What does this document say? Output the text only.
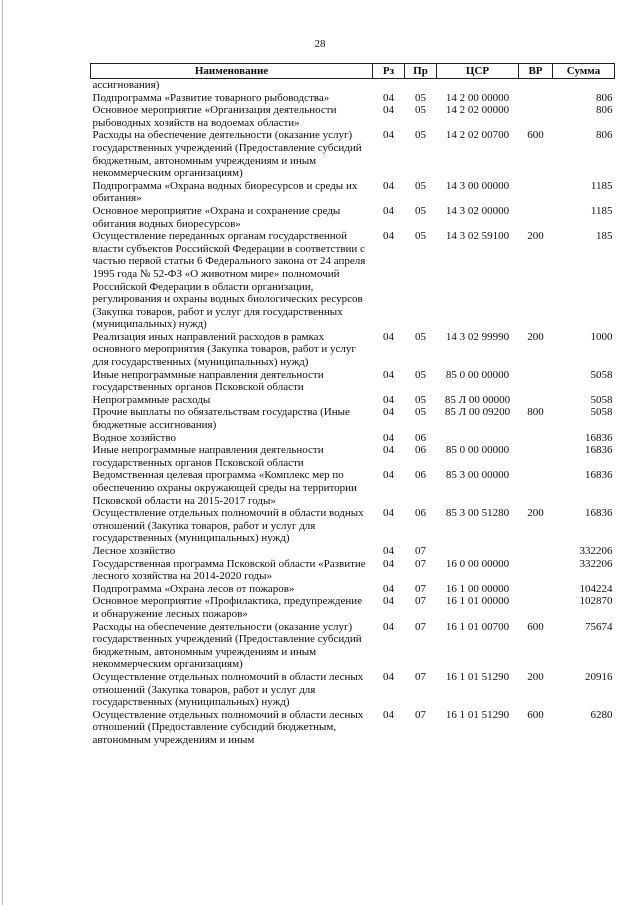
28
Наименование	Рз	Пр	ЦСР	ВР	Сумма
ассигнования)					
Подпрограмма «Развитие товарного рыбоводства»	04	05	14 2 00 00000		806
Основное мероприятие «Организация деятельности рыбоводных хозяйств на водоемах области»	04	05	14 2 02 00000		806
Расходы на обеспечение деятельности (оказание услуг) государственных учреждений (Предоставление субсидий бюджетным, автономным учреждениям и иным некоммерческим организациям)	04	05	14 2 02 00700	600	806
Подпрограмма «Охрана водных биоресурсов и среды их обитания»	04	05	14 3 00 00000		1185
Основное мероприятие «Охрана и сохранение среды обитания водных биоресурсов»	04	05	14 3 02 00000		1185
Осуществление переданных органам государственной власти субъектов Российской Федерации в соответствии с частью первой статьи 6 Федерального закона от 24 апреля 1995 года № 52-ФЗ «О животном мире» полномочий Российской Федерации в области организации, регулирования и охраны водных биологических ресурсов (Закупка товаров, работ и услуг для государственных (муниципальных) нужд)	04	05	14 3 02 59100	200	185
Реализация иных направлений расходов в рамках основного мероприятия (Закупка товаров, работ и услуг для государственных (муниципальных) нужд)	04	05	14 3 02 99990	200	1000
Иные непрограммные направления деятельности государственных органов Псковской области	04	05	85 0 00 00000		5058
Непрограммные расходы	04	05	85 Л 00 00000		5058
Прочие выплаты по обязательствам государства (Иные бюджетные ассигнования)	04	05	85 Л 00 09200	800	5058
Водное хозяйство	04	06			16836
Иные непрограммные направления деятельности государственных органов Псковской области	04	06	85 0 00 00000		16836
Ведомственная целевая программа «Комплекс мер по обеспечению охраны окружающей среды на территории Псковской области на 2015-2017 годы»	04	06	85 3 00 00000		16836
Осуществление отдельных полномочий в области водных отношений (Закупка товаров, работ и услуг для государственных (муниципальных) нужд)	04	06	85 3 00 51280	200	16836
Лесное хозяйство	04	07			332206
Государственная программа Псковской области «Развитие лесного хозяйства на 2014-2020 годы»	04	07	16 0 00 00000		332206
Подпрограмма «Охрана лесов от пожаров»	04	07	16 1 00 00000		104224
Основное мероприятие «Профилактика, предупреждение и обнаружение лесных пожаров»	04	07	16 1 01 00000		102870
Расходы на обеспечение деятельности (оказание услуг) государственных учреждений (Предоставление субсидий бюджетным, автономным учреждениям и иным некоммерческим организациям)	04	07	16 1 01 00700	600	75674
Осуществление отдельных полномочий в области лесных отношений (Закупка товаров, работ и услуг для государственных (муниципальных) нужд)	04	07	16 1 01 51290	200	20916
Осуществление отдельных полномочий в области лесных отношений (Предоставление субсидий бюджетным, автономным учреждениям и иным	04	07	16 1 01 51290	600	6280
